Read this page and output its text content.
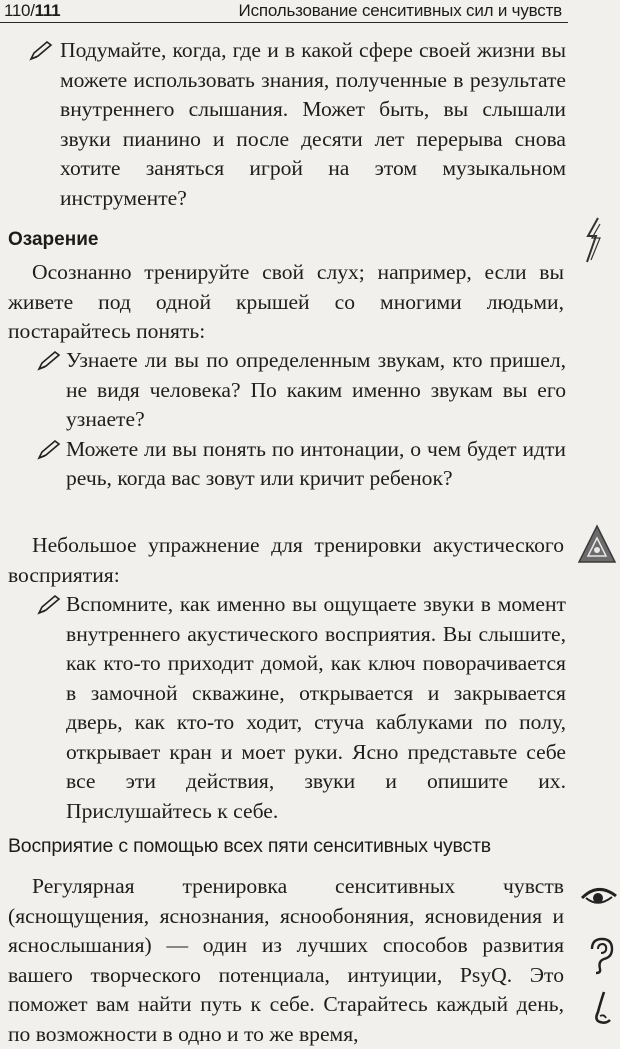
110/111	Использование сенситивных сил и чувств
Подумайте, когда, где и в какой сфере своей жизни вы можете использовать знания, полученные в результате внутреннего слышания. Может быть, вы слышали звуки пианино и после десяти лет перерыва снова хотите заняться игрой на этом музыкальном инструменте?
Озарение
Осознанно тренируйте свой слух; например, если вы живете под одной крышей со многими людьми, постарайтесь понять:
Узнаете ли вы по определенным звукам, кто пришел, не видя человека? По каким именно звукам вы его узнаете?
Можете ли вы понять по интонации, о чем будет идти речь, когда вас зовут или кричит ребенок?
Небольшое упражнение для тренировки акустического восприятия:
Вспомните, как именно вы ощущаете звуки в момент внутреннего акустического восприятия. Вы слышите, как кто-то приходит домой, как ключ поворачивается в замочной скважине, открывается и закрывается дверь, как кто-то ходит, стуча каблуками по полу, открывает кран и моет руки. Ясно представьте себе все эти действия, звуки и опишите их. Прислушайтесь к себе.
Восприятие с помощью всех пяти сенситивных чувств
Регулярная тренировка сенситивных чувств (яснощущения, яснознания, яснообоняния, ясновидения и яснослышания) — один из лучших способов развития вашего творческого потенциала, интуиции, PsyQ. Это поможет вам найти путь к себе. Старайтесь каждый день, по возможности в одно и то же время,
